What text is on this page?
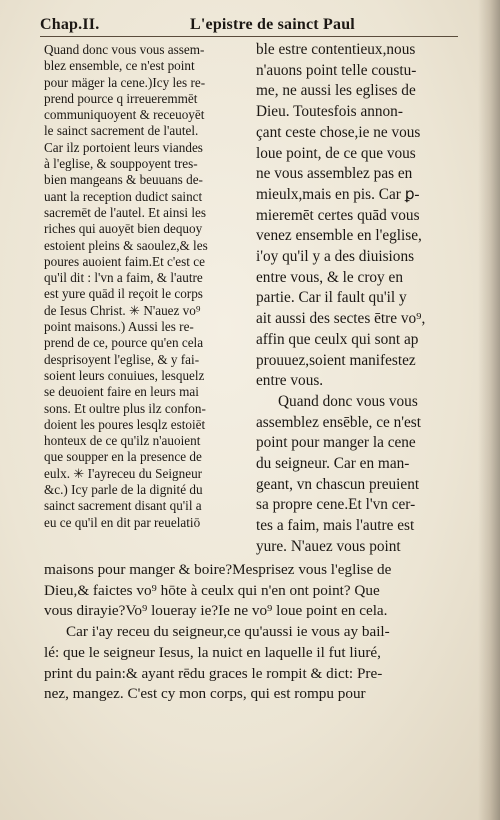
Chap.II.	L'epistre de sainct Paul
Quand donc vous vous assem-
blez ensemble, ce n'est point
pour mäger la cene.)Icy les re-
prend pource q irreueremmēt
communiquoyent & receuoyēt
le sainct sacrement de l'autel.
Car ilz portoient leurs viandes
à l'eglise, & souppoyent tres-
bien mangeans & beuuans de-
uant la reception dudict sainct
sacremēt de l'autel. Et ainsi les
riches qui auoyēt bien dequoy
estoient pleins & saoulez,& les
poures auoient faim.Et c'est ce
qu'il dit : l'vn a faim, & l'autre
est yure quād il reçoit le corps
de Iesus Christ. ✳ N'auez vo⁹
point maisons.) Aussi les re-
prend de ce, pource qu'en cela
desprisoyent l'eglise, & y fai-
soient leurs conuiues, lesquelz
se deuoient faire en leurs mai
sons. Et oultre plus ilz confon-
doient les poures lesqlz estoiēt
honteux de ce qu'ilz n'auoient
que soupper en la presence de
eulx. ✳ I'ayreceu du Seigneur
&c.) Icy parle de la dignité du
sainct sacrement disant qu'il a
eu ce qu'il en dit par reuelatiō
ble estre contentieux,nous
n'auons point telle coustu-
me, ne aussi les eglises de
Dieu. Toutesfois annon-
çant ceste chose,ie ne vous
loue point, de ce que vous
ne vous assemblez pas en
mieulx,mais en pis. Car ꝑ-
mieremēt certes quād vous
venez ensemble en l'eglise,
i'oy qu'il y a des diuisions
entre vous, & le croy en
partie. Car il fault qu'il y
ait aussi des sectes ētre vo⁹,
affin que ceulx qui sont ap
prouuez,soient manifestez
entre vous.
Quand donc vous vous
assemblez ensēble, ce n'est
point pour manger la cene
du seigneur. Car en man-
geant, vn chascun preuient
sa propre cene.Et l'vn cer-
tes a faim, mais l'autre est
yure. N'auez vous point
maisons pour manger & boire?Mesprisez vous l'eglise de
Dieu,& faictes vo⁹ hōte à ceulx qui n'en ont point? Que
vous dirayie?Vo⁹ loueray ie?Ie ne vo⁹ loue point en cela.
Car i'ay receu du seigneur,ce qu'aussi ie vous ay bail-
lé: que le seigneur Iesus, la nuict en laquelle il fut liuré,
print du pain:& ayant rēdu graces le rompit & dict: Pre-
nez, mangez. C'est cy mon corps, qui est rompu pour
